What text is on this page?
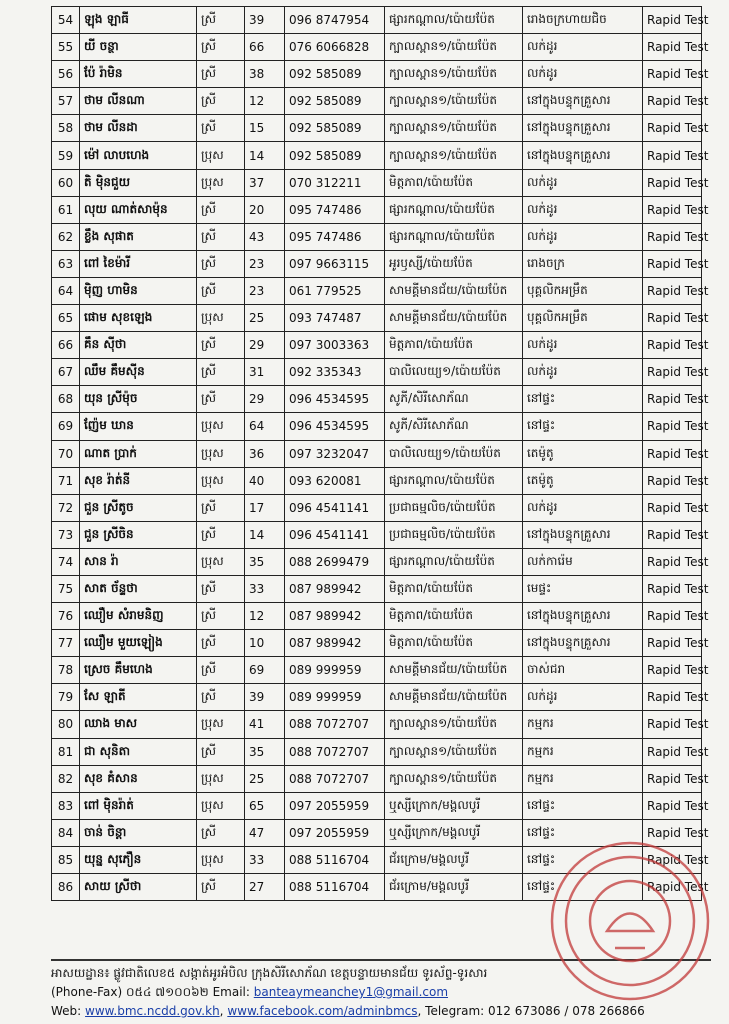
54	ឡុង ឡាធី	ស្រី	39	096 8747954	ផ្សារកណ្ដាល/ប៉ោយប៉ែត	រោងចក្រហាយជិច	Rapid Test
55	យី ចន្ថា	ស្រី	66	076 6066828	ក្បាលស្ពាន១/ប៉ោយប៉ែត	លក់ដូរ	Rapid Test
56	ប៉ែ រ៉ាមិន	ស្រី	38	092 585089	ក្បាលស្ពាន១/ប៉ោយប៉ែត	លក់ដូរ	Rapid Test
57	ថាម លីនណា	ស្រី	12	092 585089	ក្បាលស្ពាន១/ប៉ោយប៉ែត	នៅក្នុងបន្ទុកគ្រួសារ	Rapid Test
58	ថាម លីនដា	ស្រី	15	092 585089	ក្បាលស្ពាន១/ប៉ោយប៉ែត	នៅក្នុងបន្ទុកគ្រួសារ	Rapid Test
59	ម៉ៅ លាបហេង	ប្រុស	14	092 585089	ក្បាលស្ពាន១/ប៉ោយប៉ែត	នៅក្នុងបន្ទុកគ្រួសារ	Rapid Test
60	តិ ម៉ិនជួយ	ប្រុស	37	070 312211	មិត្តភាព/ប៉ោយប៉ែត	លក់ដូរ	Rapid Test
61	លុយ ណាត់សាម៉ុន	ស្រី	20	095 747486	ផ្សារកណ្ដាល/ប៉ោយប៉ែត	លក់ដូរ	Rapid Test
62	ខ្លឹង សុផាត	ស្រី	43	095 747486	ផ្សារកណ្ដាល/ប៉ោយប៉ែត	លក់ដូរ	Rapid Test
63	ពៅ ខៃម៉ារី	ស្រី	23	097 9663115	អូរឫស្សី/ប៉ោយប៉ែត	រោងចក្រ	Rapid Test
64	ម៉ិញ ហាមិន	ស្រី	23	061 779525	សាមគ្គីមានជ័យ/ប៉ោយប៉ែត	បុគ្គលិកអម្រឹត	Rapid Test
65	ផោម សុខឡេង	ប្រុស	25	093 747487	សាមគ្គីមានជ័យ/ប៉ោយប៉ែត	បុគ្គលិកអម្រឹត	Rapid Test
66	គឹន ស៊ីថា	ស្រី	29	097 3003363	មិត្តភាព/ប៉ោយប៉ែត	លក់ដូរ	Rapid Test
67	ឈឹម គឹមស៊ីន	ស្រី	31	092 335343	បាលិលេយ្យ១/ប៉ោយប៉ែត	លក់ដូរ	Rapid Test
68	យុន ស្រីម៉ុច	ស្រី	29	096 4534595	សូភី/សិរីសោភ័ណ	នៅផ្ទះ	Rapid Test
69	ញ៉ែម ឃាន	ប្រុស	64	096 4534595	សូភី/សិរីសោភ័ណ	នៅផ្ទះ	Rapid Test
70	ណាត ប្រាក់	ប្រុស	36	097 3232047	បាលិលេយ្យ១/ប៉ោយប៉ែត	តេម៉ូតូ	Rapid Test
71	សុខ រ៉ាត់នី	ប្រុស	40	093 620081	ផ្សារកណ្ដាល/ប៉ោយប៉ែត	តេម៉ូតូ	Rapid Test
72	ជួន ស្រីតូច	ស្រី	17	096 4541141	ប្រជាធម្មលិច/ប៉ោយប៉ែត	លក់ដូរ	Rapid Test
73	ជួន ស្រីចិន	ស្រី	14	096 4541141	ប្រជាធម្មលិច/ប៉ោយប៉ែត	នៅក្នុងបន្ទុកគ្រួសារ	Rapid Test
74	សាន រ៉ា	ប្រុស	35	088 2699479	ផ្សារកណ្ដាល/ប៉ោយប៉ែត	លក់ការ៉េម	Rapid Test
75	សាត ច័ន្ទថា	ស្រី	33	087 989942	មិត្តភាព/ប៉ោយប៉ែត	មេផ្ទះ	Rapid Test
76	ឈឿម សំរាមនិញ	ស្រី	12	087 989942	មិត្តភាព/ប៉ោយប៉ែត	នៅក្នុងបន្ទុកគ្រួសារ	Rapid Test
77	ឈឿម មួយឡៀង	ស្រី	10	087 989942	មិត្តភាព/ប៉ោយប៉ែត	នៅក្នុងបន្ទុកគ្រួសារ	Rapid Test
78	ស្រេច គឹមហេង	ស្រី	69	089 999959	សាមគ្គីមានជ័យ/ប៉ោយប៉ែត	ចាស់ជរា	Rapid Test
79	សែ ឡាតី	ស្រី	39	089 999959	សាមគ្គីមានជ័យ/ប៉ោយប៉ែត	លក់ដូរ	Rapid Test
80	ឈាង មាស	ប្រុស	41	088 7072707	ក្បាលស្ពាន១/ប៉ោយប៉ែត	កម្មករ	Rapid Test
81	ជា សុនិតា	ស្រី	35	088 7072707	ក្បាលស្ពាន១/ប៉ោយប៉ែត	កម្មករ	Rapid Test
82	សុខ គំសាន	ប្រុស	25	088 7072707	ក្បាលស្ពាន១/ប៉ោយប៉ែត	កម្មករ	Rapid Test
83	ពៅ ម៉ិនរ៉ាត់	ប្រុស	65	097 2055959	ឬស្សីក្រោក/មង្គលបូរី	នៅផ្ទះ	Rapid Test
84	ចាន់ ចិន្តា	ស្រី	47	097 2055959	ឬស្សីក្រោក/មង្គលបូរី	នៅផ្ទះ	Rapid Test
85	យុន្ន សុភឿន	ប្រុស	33	088 5116704	ជ័រក្រោម/មង្គលបូរី	នៅផ្ទះ	Rapid Test
86	សាយ ស្រីថា	ស្រី	27	088 5116704	ជ័រក្រោម/មង្គលបូរី	នៅផ្ទះ	Rapid Test
អាសយដ្ឋាន៖ ផ្លូវជាតិលេខ៥ សង្កាត់អូរអំបិល ក្រុងសិរីសោភ័ណ ខេត្តបន្ទាយមានជ័យ ទូរស័ព្ទ-ទូរសារ
(Phone-Fax) ០៥៤ ៧១០០៦២ Email: banteaymeanchey1@gmail.com
Web: www.bmc.ncdd.gov.kh, www.facebook.com/adminbmcs, Telegram: 012 673086 / 078 266866
